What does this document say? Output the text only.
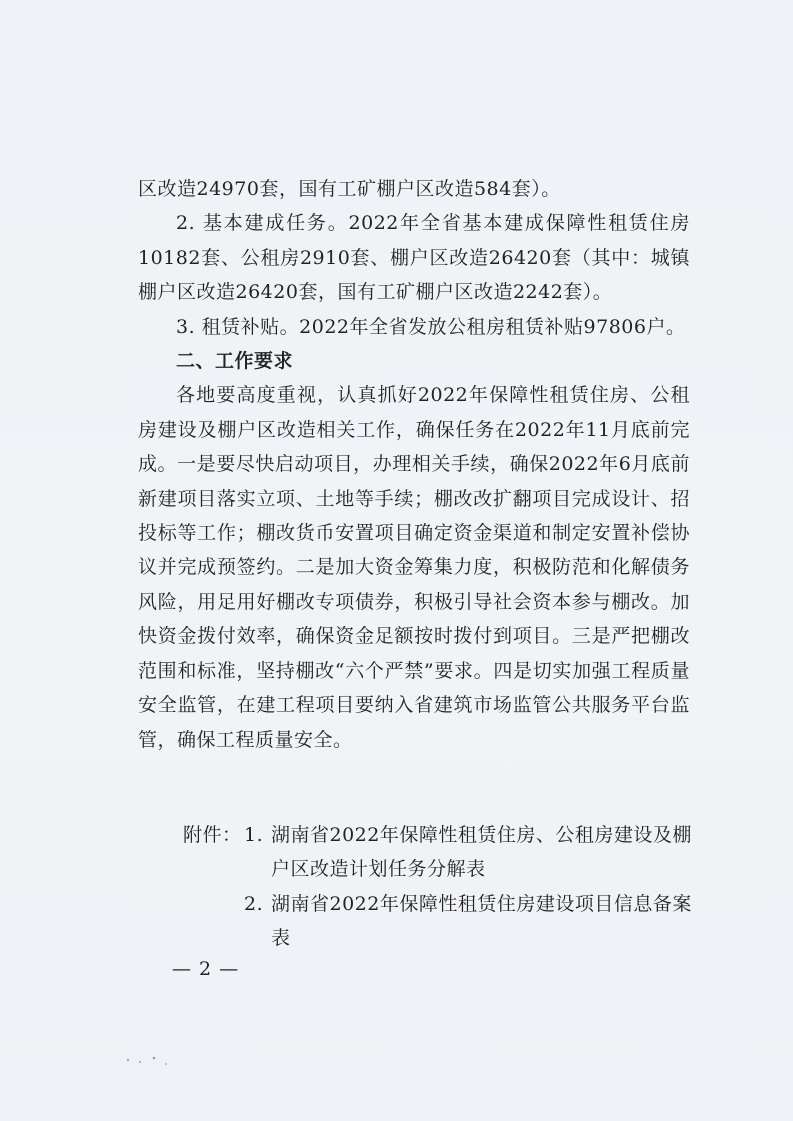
区改造24970套，国有工矿棚户区改造584套）。

2. 基本建成任务。2022年全省基本建成保障性租赁住房10182套、公租房2910套、棚户区改造26420套（其中：城镇棚户区改造26420套，国有工矿棚户区改造2242套）。

3. 租赁补贴。2022年全省发放公租房租赁补贴97806户。

二、工作要求

各地要高度重视，认真抓好2022年保障性租赁住房、公租房建设及棚户区改造相关工作，确保任务在2022年11月底前完成。一是要尽快启动项目，办理相关手续，确保2022年6月底前新建项目落实立项、土地等手续；棚改改扩翻项目完成设计、招投标等工作；棚改货币安置项目确定资金渠道和制定安置补偿协议并完成预签约。二是加大资金筹集力度，积极防范和化解债务风险，用足用好棚改专项债券，积极引导社会资本参与棚改。加快资金拨付效率，确保资金足额按时拨付到项目。三是严把棚改范围和标准，坚持棚改“六个严禁”要求。四是切实加强工程质量安全监管，在建工程项目要纳入省建筑市场监管公共服务平台监管，确保工程质量安全。

附件： 1. 湖南省2022年保障性租赁住房、公租房建设及棚户区改造计划任务分解表
2. 湖南省2022年保障性租赁住房建设项目信息备案表
— 2 —
